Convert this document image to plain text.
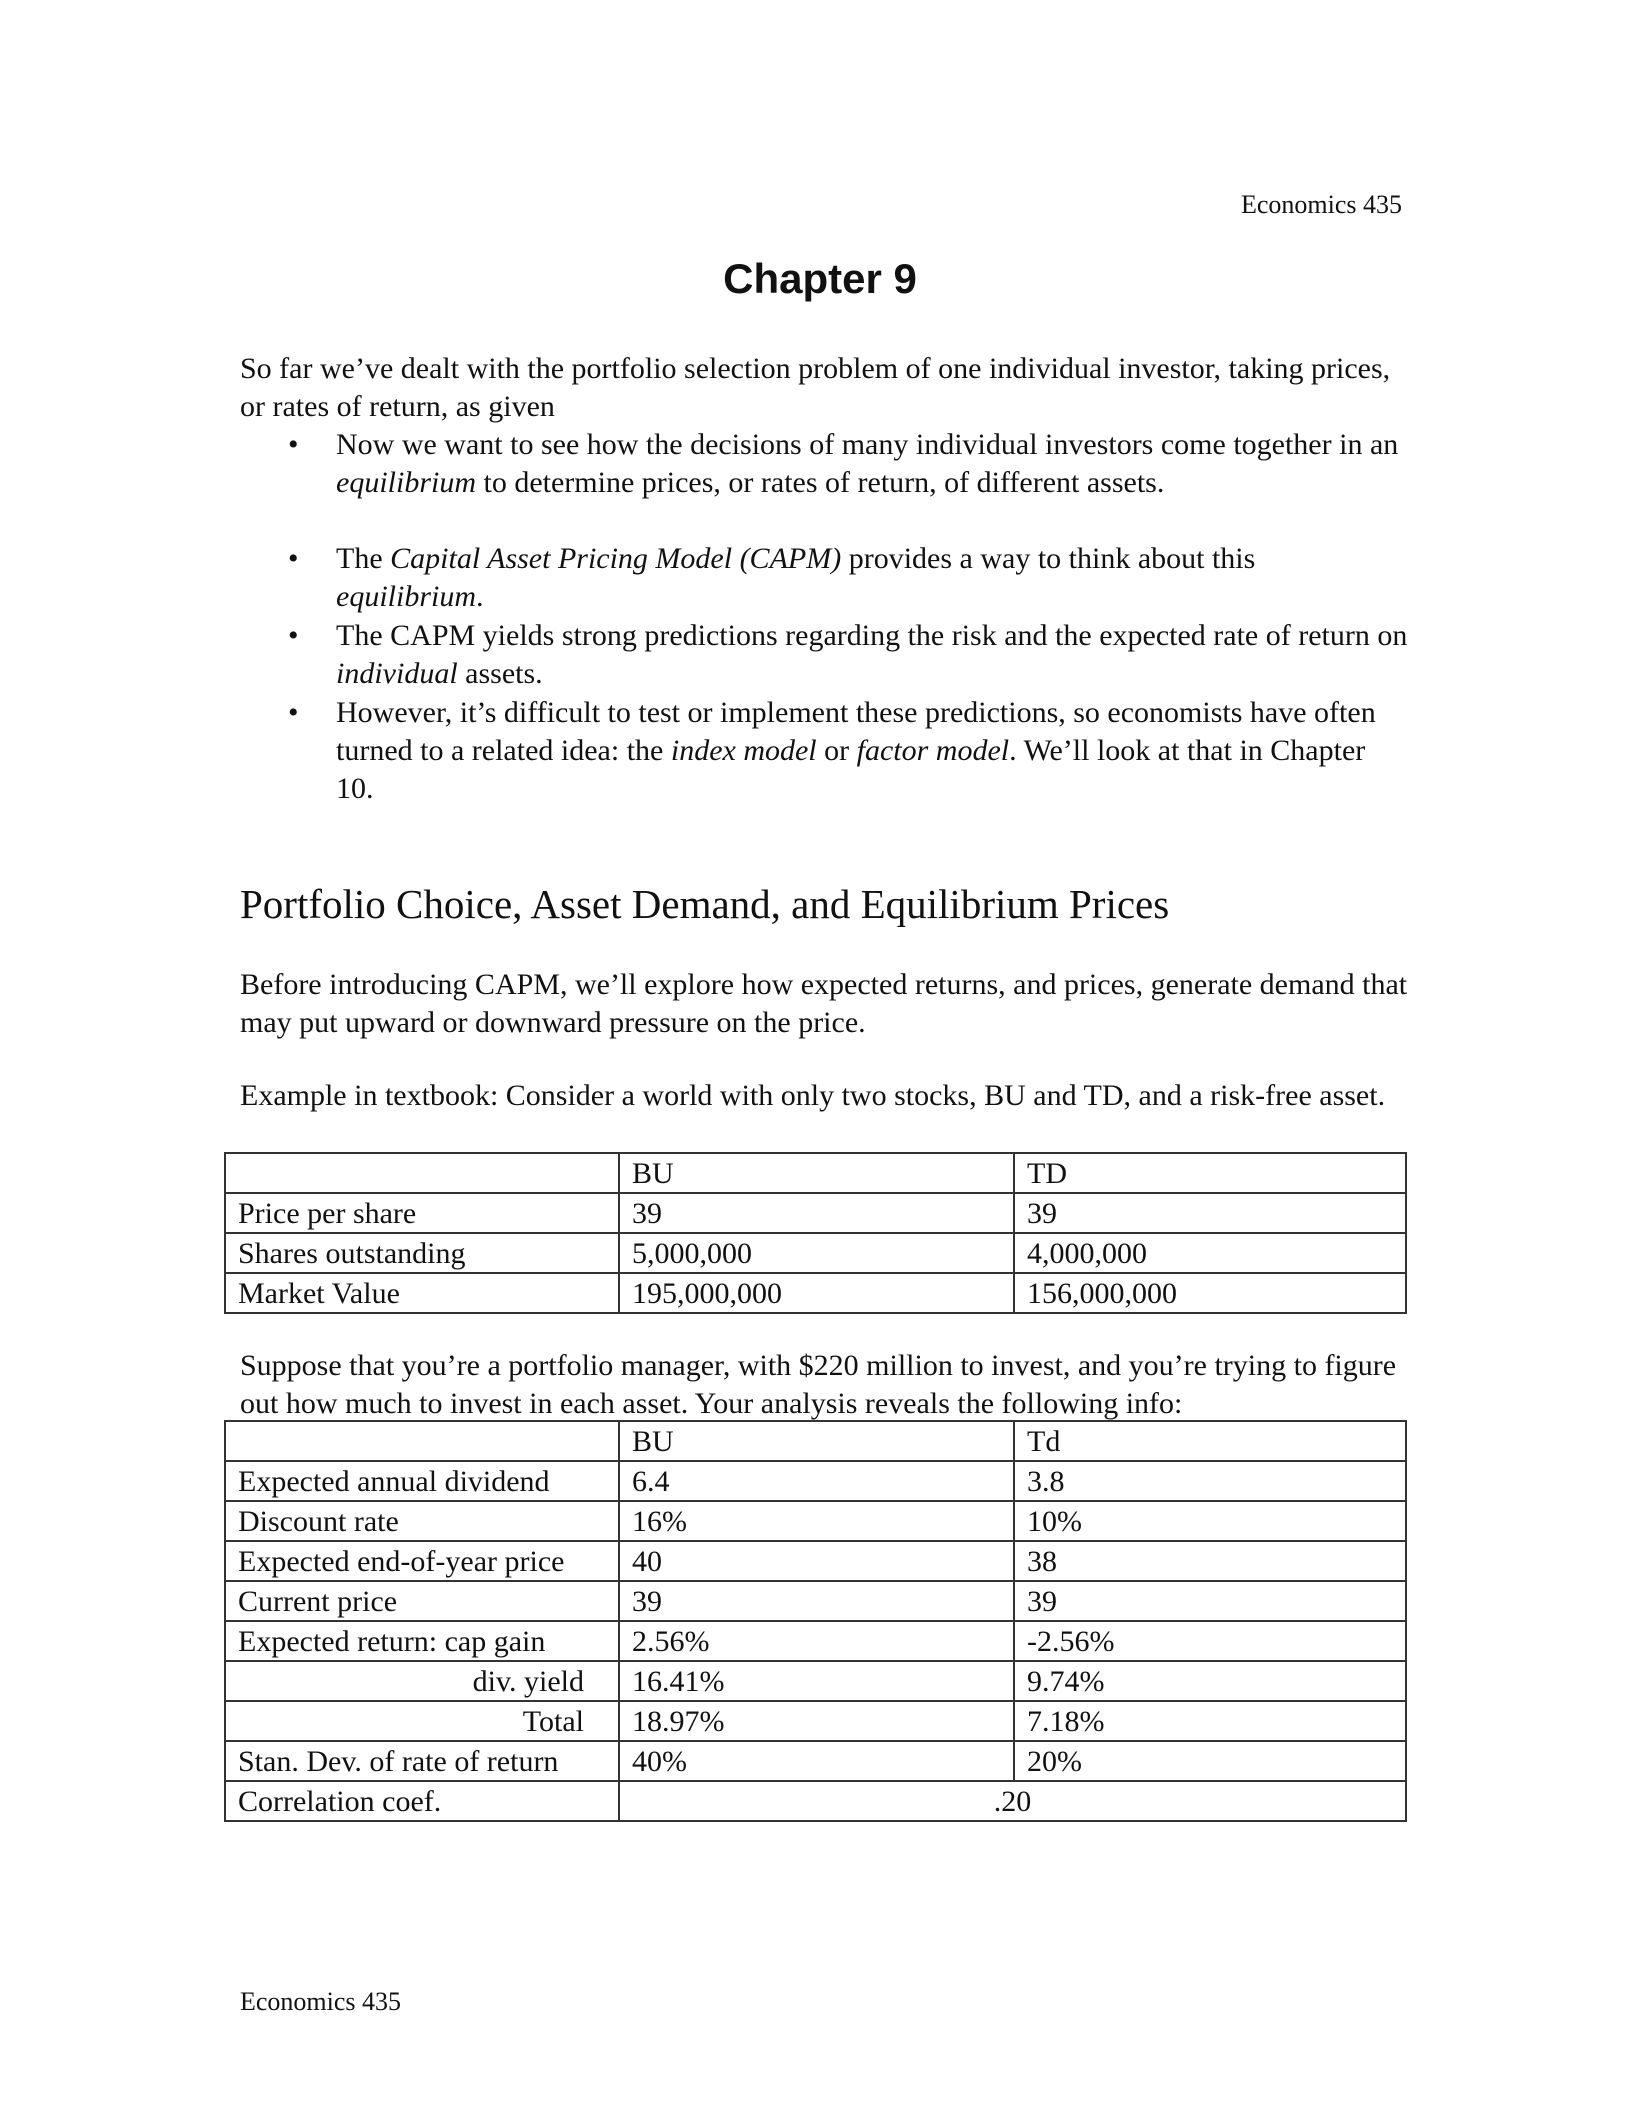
Economics 435
Chapter 9
So far we’ve dealt with the portfolio selection problem of one individual investor, taking prices, or rates of return, as given
• Now we want to see how the decisions of many individual investors come together in an equilibrium to determine prices, or rates of return, of different assets.
• The Capital Asset Pricing Model (CAPM) provides a way to think about this equilibrium.
• The CAPM yields strong predictions regarding the risk and the expected rate of return on individual assets.
• However, it’s difficult to test or implement these predictions, so economists have often turned to a related idea: the index model or factor model. We’ll look at that in Chapter 10.
Portfolio Choice, Asset Demand, and Equilibrium Prices
Before introducing CAPM, we’ll explore how expected returns, and prices, generate demand that may put upward or downward pressure on the price.
Example in textbook: Consider a world with only two stocks, BU and TD, and a risk-free asset.
	BU	TD
Price per share	39	39
Shares outstanding	5,000,000	4,000,000
Market Value	195,000,000	156,000,000
Suppose that you’re a portfolio manager, with $220 million to invest, and you’re trying to figure out how much to invest in each asset. Your analysis reveals the following info:
	BU	Td
Expected annual dividend	6.4	3.8
Discount rate	16%	10%
Expected end-of-year price	40	38
Current price	39	39
Expected return: cap gain	2.56%	-2.56%
div. yield	16.41%	9.74%
Total	18.97%	7.18%
Stan. Dev. of rate of return	40%	20%
Correlation coef.	.20	
Economics 435
